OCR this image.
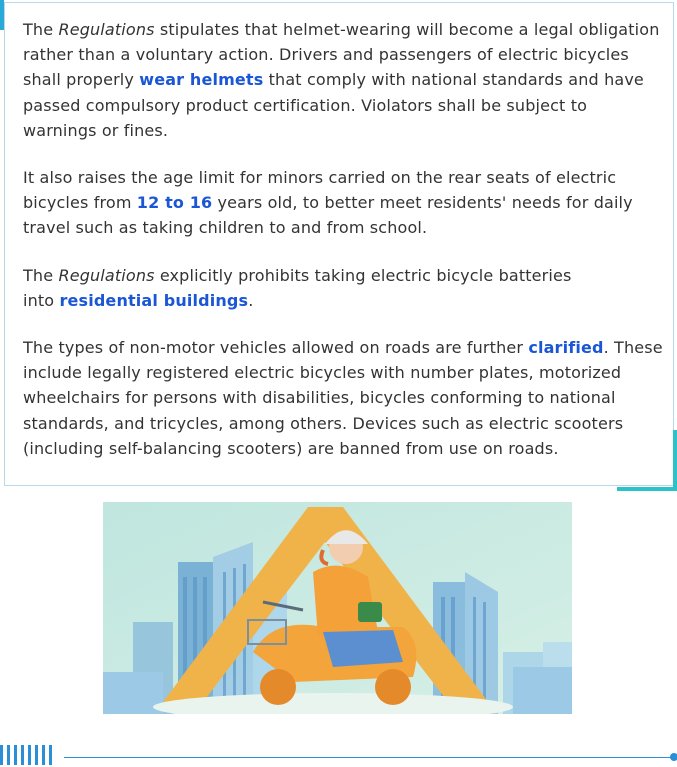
The Regulations stipulates that helmet-wearing will become a legal obligation rather than a voluntary action. Drivers and passengers of electric bicycles shall properly wear helmets that comply with national standards and have passed compulsory product certification. Violators shall be subject to warnings or fines.

It also raises the age limit for minors carried on the rear seats of electric bicycles from 12 to 16 years old, to better meet residents' needs for daily travel such as taking children to and from school.

The Regulations explicitly prohibits taking electric bicycle batteries
into residential buildings.

The types of non-motor vehicles allowed on roads are further clarified. These include legally registered electric bicycles with number plates, motorized wheelchairs for persons with disabilities, bicycles conforming to national standards, and tricycles, among others. Devices such as electric scooters (including self-balancing scooters) are banned from use on roads.
